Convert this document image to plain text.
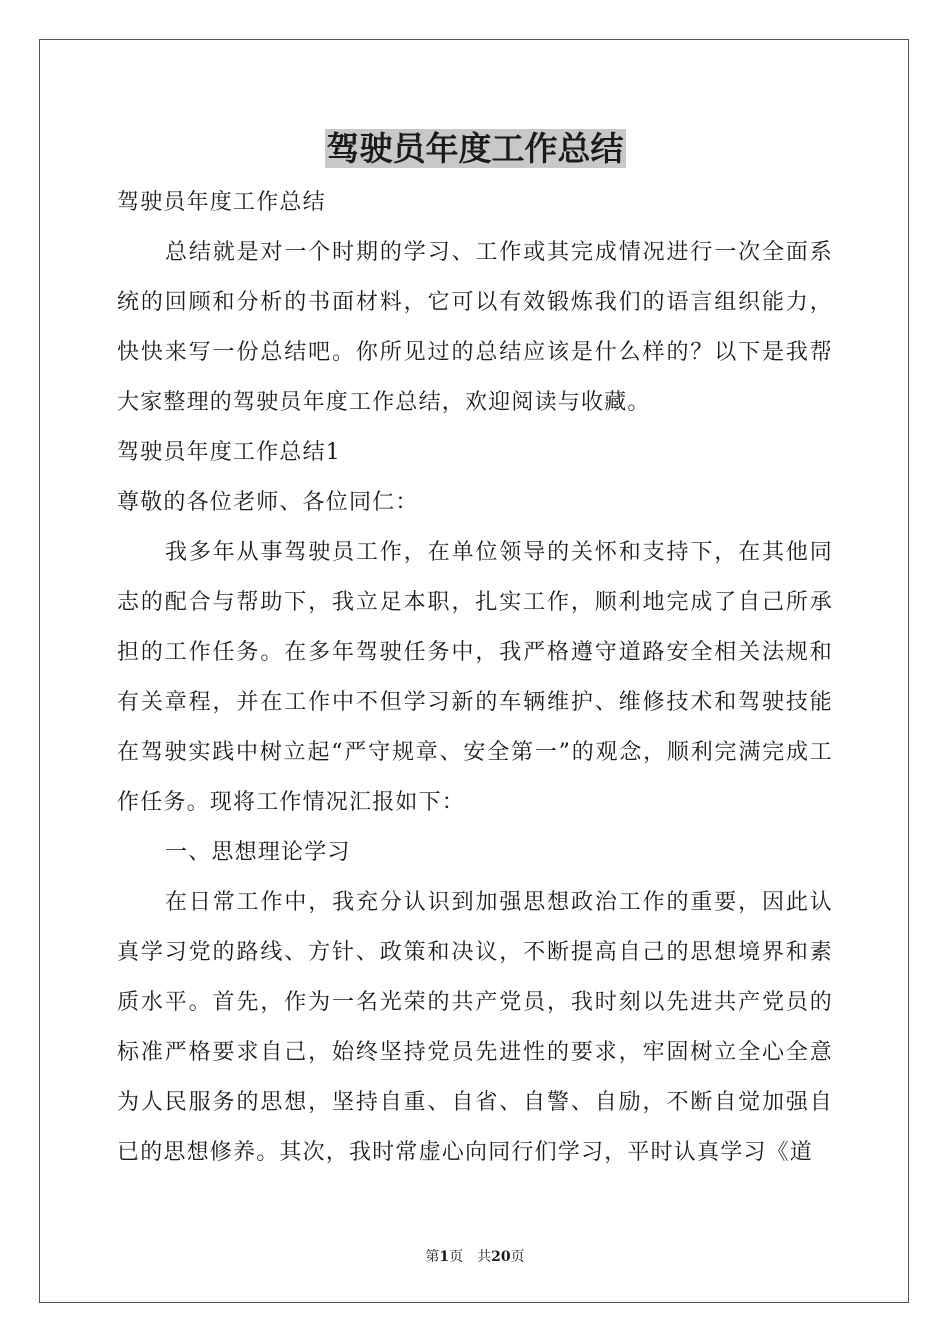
驾驶员年度工作总结
驾驶员年度工作总结
总结就是对一个时期的学习、工作或其完成情况进行一次全面系统的回顾和分析的书面材料，它可以有效锻炼我们的语言组织能力，快快来写一份总结吧。你所见过的总结应该是什么样的？以下是我帮大家整理的驾驶员年度工作总结，欢迎阅读与收藏。
驾驶员年度工作总结1
尊敬的各位老师、各位同仁：
我多年从事驾驶员工作，在单位领导的关怀和支持下，在其他同志的配合与帮助下，我立足本职，扎实工作，顺利地完成了自己所承担的工作任务。在多年驾驶任务中，我严格遵守道路安全相关法规和有关章程，并在工作中不但学习新的车辆维护、维修技术和驾驶技能在驾驶实践中树立起“严守规章、安全第一”的观念，顺利完满完成工作任务。现将工作情况汇报如下：
一、思想理论学习
在日常工作中，我充分认识到加强思想政治工作的重要，因此认真学习党的路线、方针、政策和决议，不断提高自己的思想境界和素质水平。首先，作为一名光荣的共产党员，我时刻以先进共产党员的标准严格要求自己，始终坚持党员先进性的要求，牢固树立全心全意为人民服务的思想，坚持自重、自省、自警、自励，不断自觉加强自已的思想修养。其次，我时常虚心向同行们学习，平时认真学习《道
第1页　共20页
